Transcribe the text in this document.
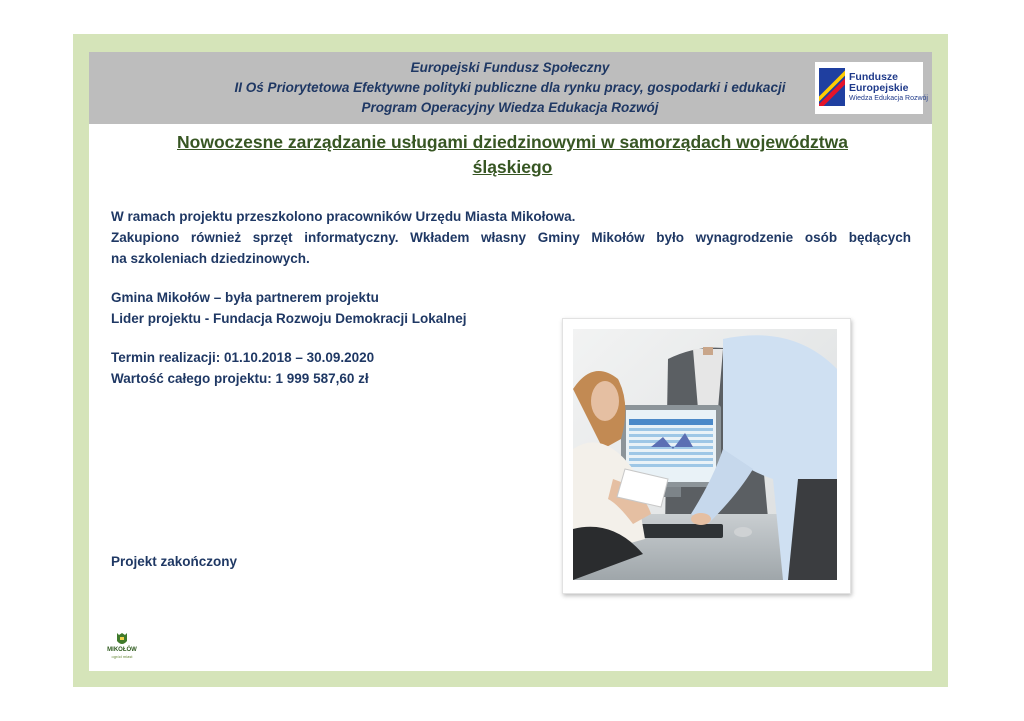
Europejski Fundusz Społeczny
II Oś Priorytetowa Efektywne polityki publiczne dla rynku pracy, gospodarki i edukacji
Program Operacyjny Wiedza Edukacja Rozwój
Fundusze
Europejskie
Wiedza Edukacja Rozwój
Nowoczesne zarządzanie usługami dziedzinowymi w samorządach województwa
śląskiego
W ramach projektu przeszkolono pracowników Urzędu Miasta Mikołowa.
Zakupiono również sprzęt informatyczny. Wkładem własny Gminy Mikołów było wynagrodzenie osób będących
na szkoleniach dziedzinowych.
Gmina Mikołów – była partnerem projektu
Lider projektu - Fundacja Rozwoju Demokracji Lokalnej
Termin realizacji: 01.10.2018 – 30.09.2020
Wartość całego projektu: 1 999 587,60 zł
Projekt zakończony
MIKOŁÓW
ogród miast
